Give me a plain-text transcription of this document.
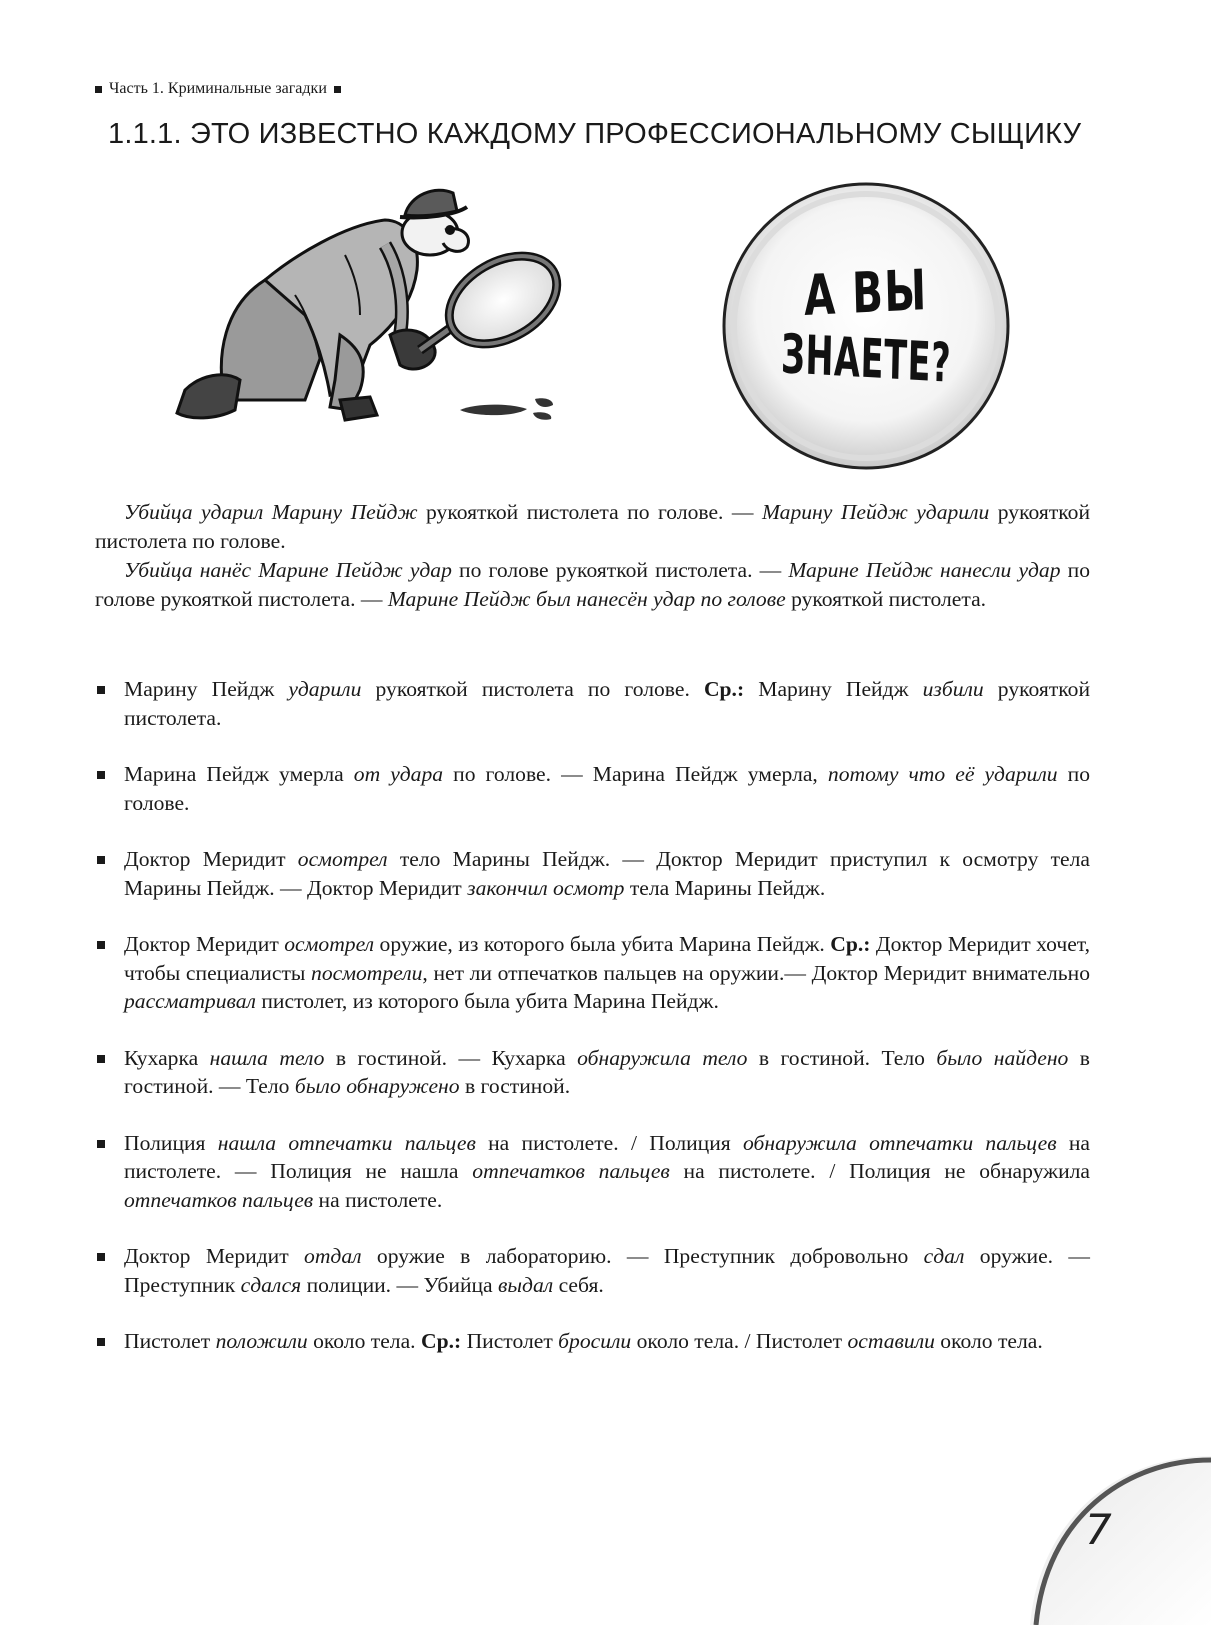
Часть 1. Криминальные загадки
1.1.1. ЭТО ИЗВЕСТНО КАЖДОМУ ПРОФЕССИОНАЛЬНОМУ СЫЩИКУ
А ВЫ
ЗНАЕТЕ?

Убийца ударил Марину Пейдж рукояткой пистолета по голове. — Марину Пейдж ударили рукояткой пистолета по голове.

Убийца нанёс Марине Пейдж удар по голове рукояткой пистолета. — Марине Пейдж нанесли удар по голове рукояткой пистолета. — Марине Пейдж был нанесён удар по голове рукояткой пистолета.

Марину Пейдж ударили рукояткой пистолета по голове. Ср.: Марину Пейдж избили рукояткой пистолета.
Марина Пейдж умерла от удара по голове. — Марина Пейдж умерла, потому что её ударили по голове.
Доктор Меридит осмотрел тело Марины Пейдж. — Доктор Меридит приступил к осмотру тела Марины Пейдж. — Доктор Меридит закончил осмотр тела Марины Пейдж.
Доктор Меридит осмотрел оружие, из которого была убита Марина Пейдж. Ср.: Доктор Меридит хочет, чтобы специалисты посмотрели, нет ли отпечатков пальцев на оружии.— Доктор Меридит внимательно рассматривал пистолет, из которого была убита Марина Пейдж.
Кухарка нашла тело в гостиной. — Кухарка обнаружила тело в гостиной. Тело было найдено в гостиной. — Тело было обнаружено в гостиной.
Полиция нашла отпечатки пальцев на пистолете. / Полиция обнаружила отпечатки пальцев на пистолете. — Полиция не нашла отпечатков пальцев на пистолете. / Полиция не обнаружила отпечатков пальцев на пистолете.
Доктор Меридит отдал оружие в лабораторию. — Преступник добровольно сдал оружие. — Преступник сдался полиции. — Убийца выдал себя.
Пистолет положили около тела. Ср.: Пистолет бросили около тела. / Пистолет оставили около тела.
7
